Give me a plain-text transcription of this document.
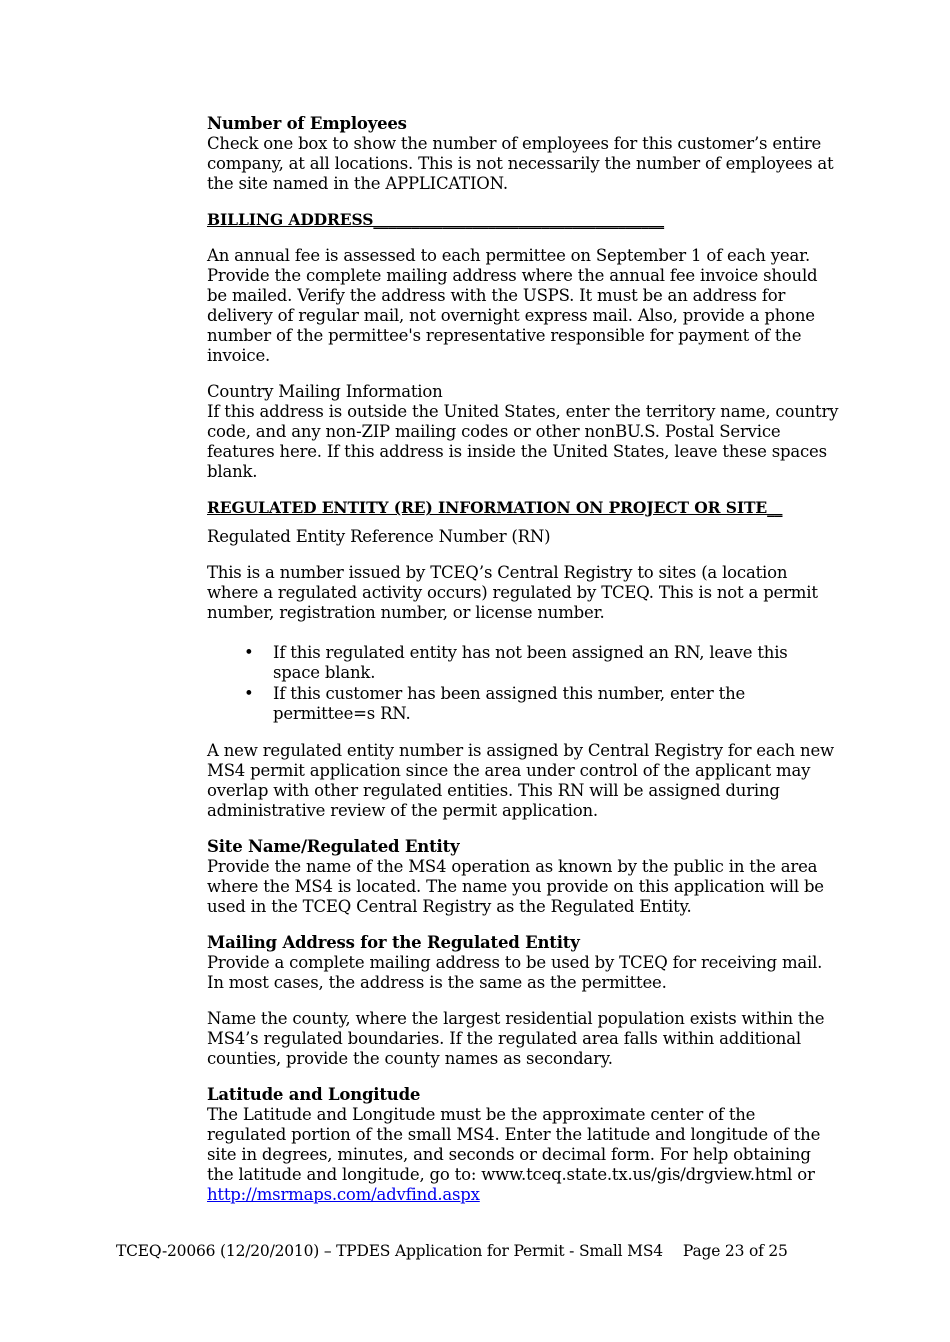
Number of Employees

Check one box to show the number of employees for this customer’s entire company, at all locations. This is not necessarily the number of employees at the site named in the APPLICATION.

BILLING ADDRESS______________________________________

An annual fee is assessed to each permittee on September 1 of each year. Provide the complete mailing address where the annual fee invoice should be mailed. Verify the address with the USPS. It must be an address for delivery of regular mail, not overnight express mail. Also, provide a phone number of the permittee's representative responsible for payment of the invoice.

Country Mailing Information

If this address is outside the United States, enter the territory name, country code, and any non-ZIP mailing codes or other nonBU.S. Postal Service features here. If this address is inside the United States, leave these spaces blank.

REGULATED ENTITY (RE) INFORMATION ON PROJECT OR SITE__

Regulated Entity Reference Number (RN)

This is a number issued by TCEQ’s Central Registry to sites (a location where a regulated activity occurs) regulated by TCEQ. This is not a permit number, registration number, or license number.

• If this regulated entity has not been assigned an RN, leave this space blank.
• If this customer has been assigned this number, enter the permittee=s RN.

A new regulated entity number is assigned by Central Registry for each new MS4 permit application since the area under control of the applicant may overlap with other regulated entities. This RN will be assigned during administrative review of the permit application.

Site Name/Regulated Entity

Provide the name of the MS4 operation as known by the public in the area where the MS4 is located. The name you provide on this application will be used in the TCEQ Central Registry as the Regulated Entity.

Mailing Address for the Regulated Entity

Provide a complete mailing address to be used by TCEQ for receiving mail. In most cases, the address is the same as the permittee.

Name the county, where the largest residential population exists within the MS4’s regulated boundaries. If the regulated area falls within additional counties, provide the county names as secondary.

Latitude and Longitude

The Latitude and Longitude must be the approximate center of the regulated portion of the small MS4. Enter the latitude and longitude of the site in degrees, minutes, and seconds or decimal form. For help obtaining the latitude and longitude, go to: www.tceq.state.tx.us/gis/drgview.html or

http://msrmaps.com/advfind.aspx
TCEQ-20066 (12/20/2010) – TPDES Application for Permit - Small MS4 Page 23 of 25
